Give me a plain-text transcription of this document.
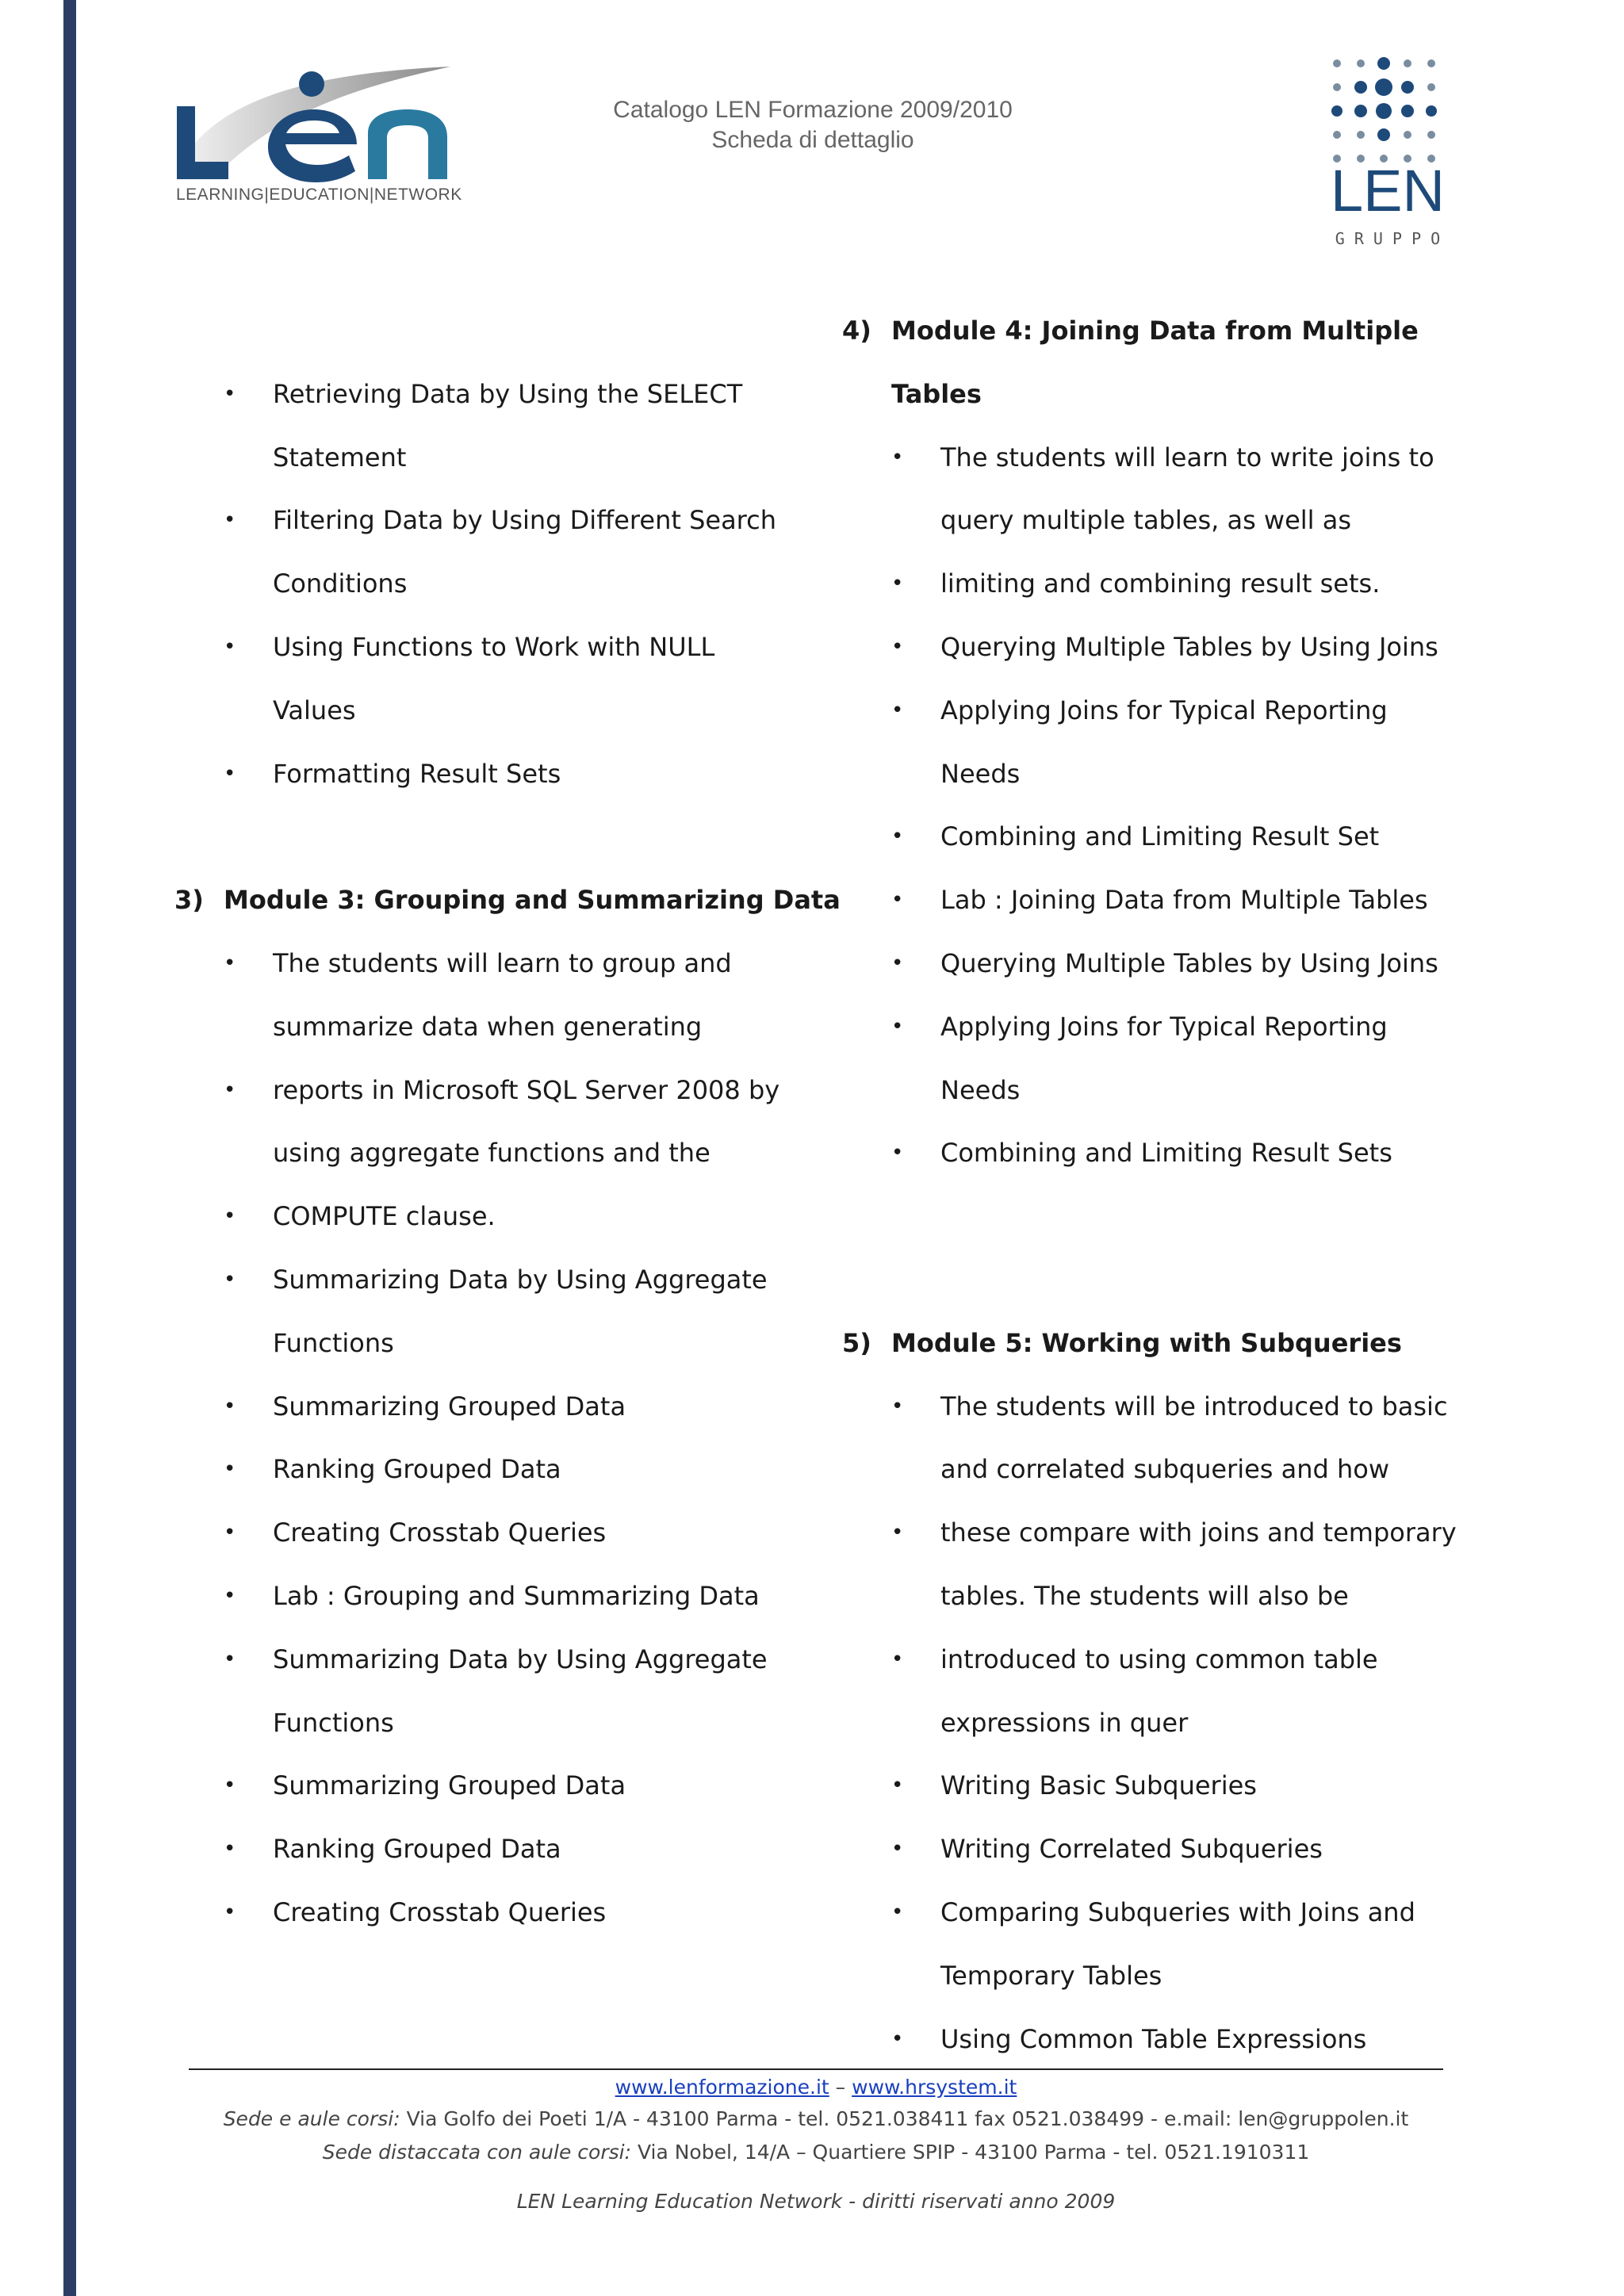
LEARNING|EDUCATION|NETWORK
Catalogo LEN Formazione 2009/2010
Scheda di dettaglio
LEN
G R U P P O
•	Retrieving Data by Using the SELECT
Statement
•	Filtering Data by Using Different Search
Conditions
•	Using Functions to Work with NULL
Values
•	Formatting Result Sets
3) Module 3: Grouping and Summarizing Data
•	The students will learn to group and
summarize data when generating
•	reports in Microsoft SQL Server 2008 by
using aggregate functions and the
•	COMPUTE clause.
•	Summarizing Data by Using Aggregate
Functions
•	Summarizing Grouped Data
•	Ranking Grouped Data
•	Creating Crosstab Queries
•	Lab : Grouping and Summarizing Data
•	Summarizing Data by Using Aggregate
Functions
•	Summarizing Grouped Data
•	Ranking Grouped Data
•	Creating Crosstab Queries
4) Module 4: Joining Data from Multiple
Tables
•	The students will learn to write joins to
query multiple tables, as well as
•	limiting and combining result sets.
•	Querying Multiple Tables by Using Joins
•	Applying Joins for Typical Reporting
Needs
•	Combining and Limiting Result Set
•	Lab : Joining Data from Multiple Tables
•	Querying Multiple Tables by Using Joins
•	Applying Joins for Typical Reporting
Needs
•	Combining and Limiting Result Sets
5) Module 5: Working with Subqueries
•	The students will be introduced to basic
and correlated subqueries and how
•	these compare with joins and temporary
tables. The students will also be
•	introduced to using common table
expressions in quer
•	Writing Basic Subqueries
•	Writing Correlated Subqueries
•	Comparing Subqueries with Joins and
Temporary Tables
•	Using Common Table Expressions
www.lenformazione.it – www.hrsystem.it
Sede e aule corsi: Via Golfo dei Poeti 1/A - 43100 Parma - tel. 0521.038411 fax 0521.038499 - e.mail: len@gruppolen.it
Sede distaccata con aule corsi: Via Nobel, 14/A – Quartiere SPIP - 43100 Parma - tel. 0521.1910311
LEN Learning Education Network - diritti riservati anno 2009
